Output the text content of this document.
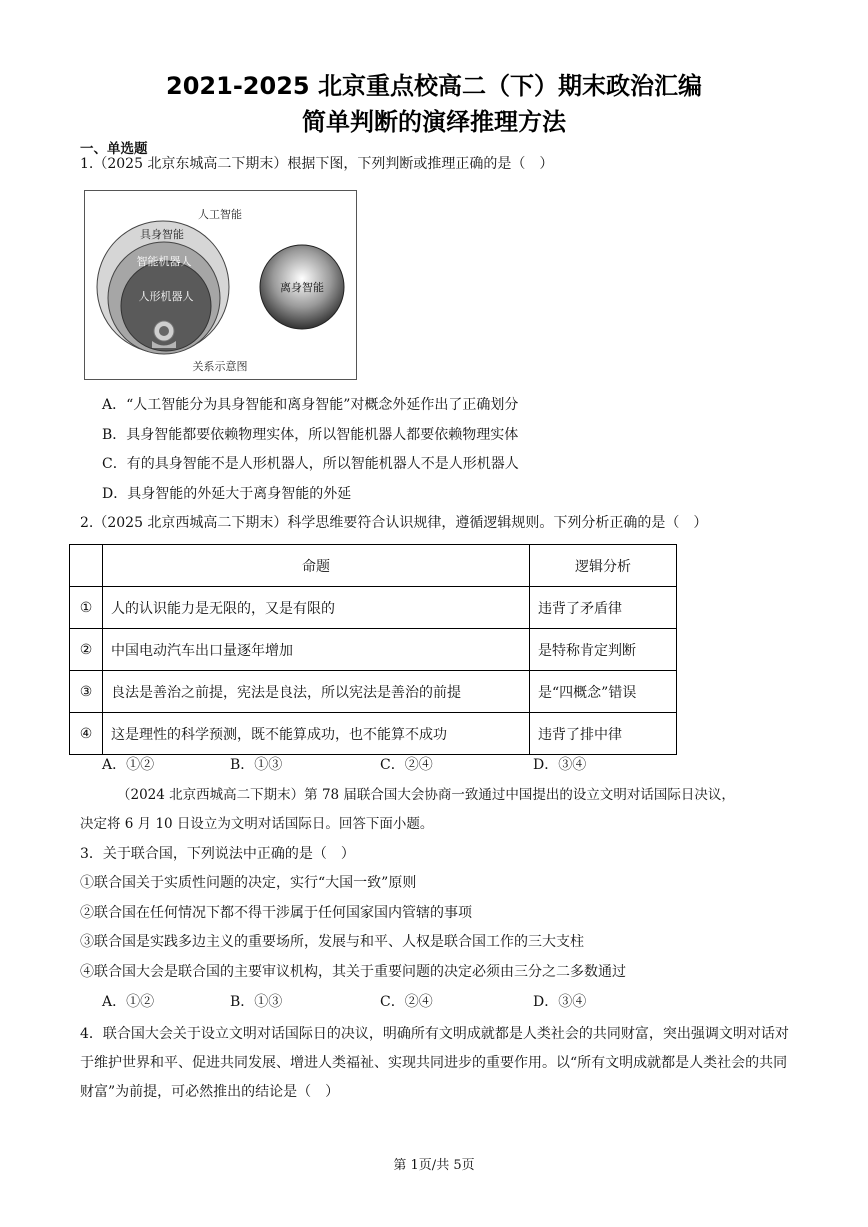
2021-2025 北京重点校高二（下）期末政治汇编
简单判断的演绎推理方法
一、单选题
1.（2025 北京东城高二下期末）根据下图，下列判断或推理正确的是（　）
人工智能
具身智能
智能机器人
人形机器人
离身智能
关系示意图
A．“人工智能分为具身智能和离身智能”对概念外延作出了正确划分
B．具身智能都要依赖物理实体，所以智能机器人都要依赖物理实体
C．有的具身智能不是人形机器人，所以智能机器人不是人形机器人
D．具身智能的外延大于离身智能的外延
2.（2025 北京西城高二下期末）科学思维要符合认识规律，遵循逻辑规则。下列分析正确的是（　）
	命题	逻辑分析
①	人的认识能力是无限的，又是有限的	违背了矛盾律
②	中国电动汽车出口量逐年增加	是特称肯定判断
③	良法是善治之前提，宪法是良法，所以宪法是善治的前提	是“四概念”错误
④	这是理性的科学预测，既不能算成功，也不能算不成功	违背了排中律
A．①②	B．①③	C．②④	D．③④
（2024 北京西城高二下期末）第 78 届联合国大会协商一致通过中国提出的设立文明对话国际日决议，
决定将 6 月 10 日设立为文明对话国际日。回答下面小题。
3．关于联合国，下列说法中正确的是（　）
①联合国关于实质性问题的决定，实行“大国一致”原则
②联合国在任何情况下都不得干涉属于任何国家国内管辖的事项
③联合国是实践多边主义的重要场所，发展与和平、人权是联合国工作的三大支柱
④联合国大会是联合国的主要审议机构，其关于重要问题的决定必须由三分之二多数通过
A．①②	B．①③	C．②④	D．③④
4．联合国大会关于设立文明对话国际日的决议，明确所有文明成就都是人类社会的共同财富，突出强调文明对话对于维护世界和平、促进共同发展、增进人类福祉、实现共同进步的重要作用。以“所有文明成就都是人类社会的共同财富”为前提，可必然推出的结论是（　）
第 1页/共 5页
